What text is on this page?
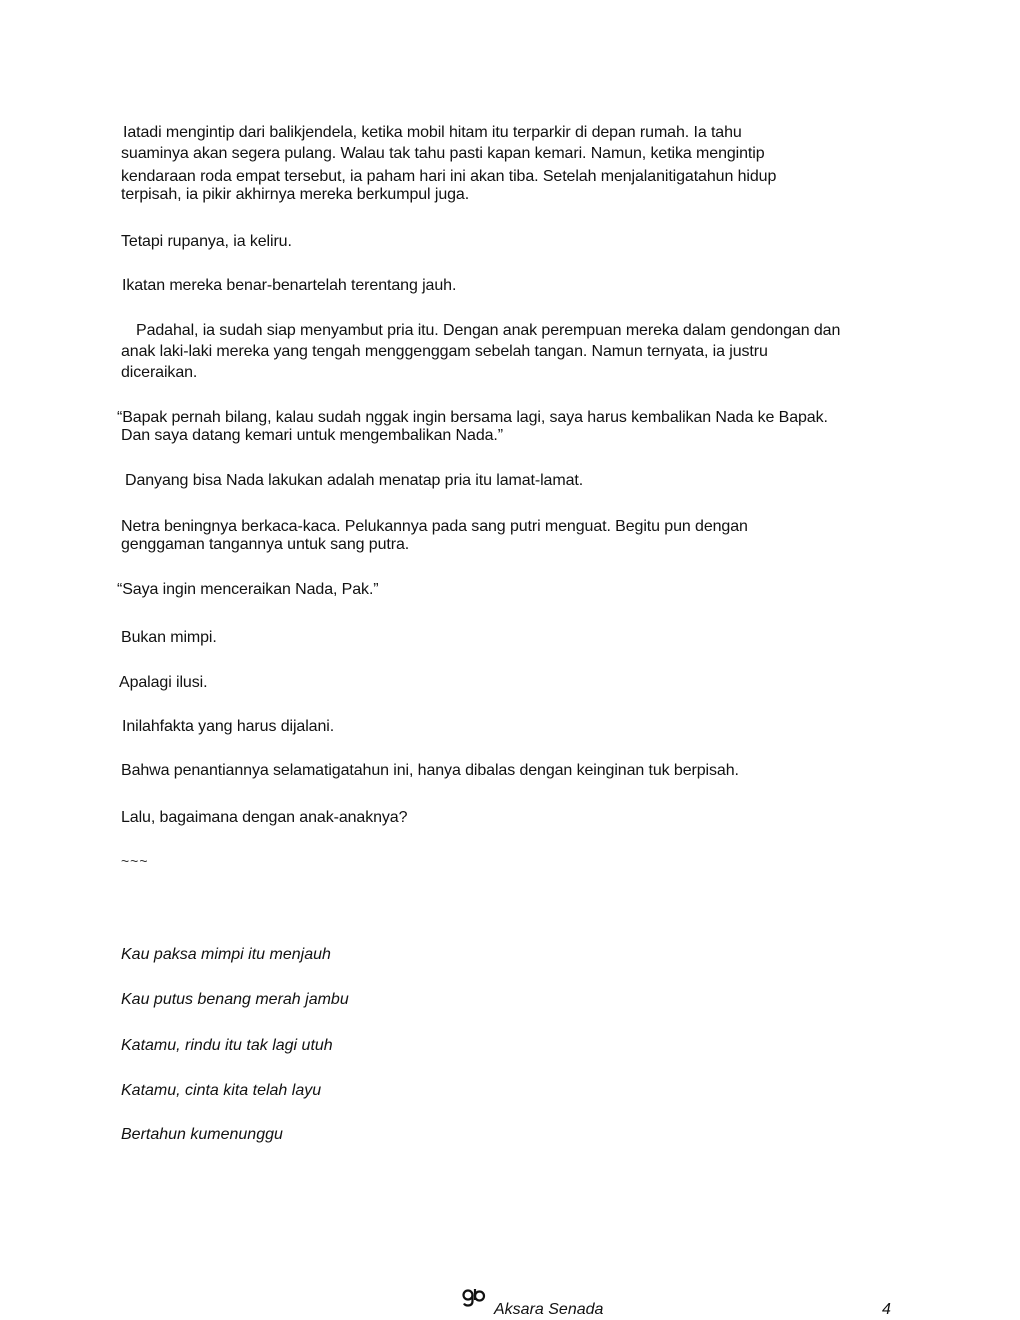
Iatadi mengintip dari balikjendela, ketika mobil hitam itu terparkir di depan rumah. Ia tahu
suaminya akan segera pulang. Walau tak tahu pasti kapan kemari. Namun, ketika mengintip
kendaraan roda empat tersebut, ia paham hari ini akan tiba. Setelah menjalanitigatahun hidup
terpisah, ia pikir akhirnya mereka berkumpul juga.

Tetapi rupanya, ia keliru.

Ikatan mereka benar-benartelah terentang jauh.

Padahal, ia sudah siap menyambut pria itu. Dengan anak perempuan mereka dalam gendongan dan
anak laki-laki mereka yang tengah menggenggam sebelah tangan. Namun ternyata, ia justru
diceraikan.

“Bapak pernah bilang, kalau sudah nggak ingin bersama lagi, saya harus kembalikan Nada ke Bapak.
Dan saya datang kemari untuk mengembalikan Nada.”

Danyang bisa Nada lakukan adalah menatap pria itu lamat-lamat.

Netra beningnya berkaca-kaca. Pelukannya pada sang putri menguat. Begitu pun dengan
genggaman tangannya untuk sang putra.

“Saya ingin menceraikan Nada, Pak.”

Bukan mimpi.

Apalagi ilusi.

Inilahfakta yang harus dijalani.

Bahwa penantiannya selamatigatahun ini, hanya dibalas dengan keinginan tuk berpisah.

Lalu, bagaimana dengan anak-anaknya?

~~~

Kau paksa mimpi itu menjauh

Kau putus benang merah jambu

Katamu, rindu itu tak lagi utuh

Katamu, cinta kita telah layu

Bertahun kumenunggu

Aksara Senada	4
